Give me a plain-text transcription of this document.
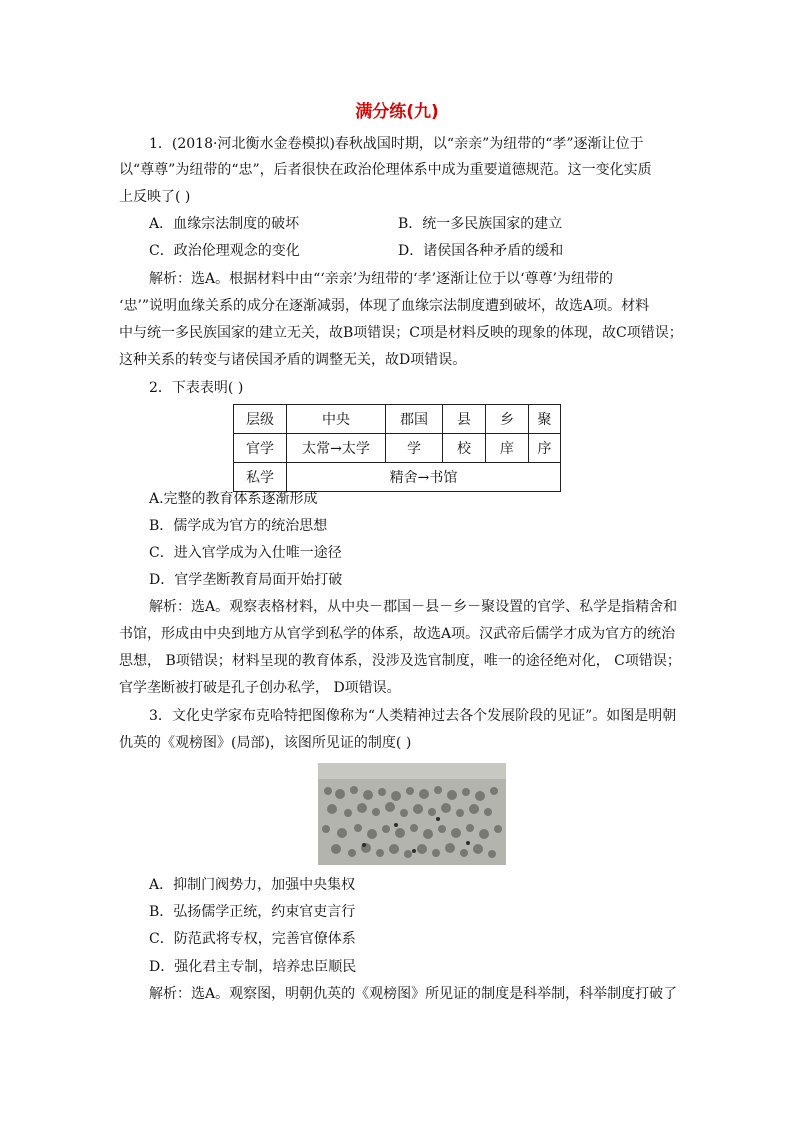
满分练(九)
1．(2018·河北衡水金卷模拟)春秋战国时期，以“亲亲”为纽带的“孝”逐渐让位于
以“尊尊”为纽带的“忠”，后者很快在政治伦理体系中成为重要道德规范。这一变化实质
上反映了( )
A．血缘宗法制度的破坏	B．统一多民族国家的建立
C．政治伦理观念的变化	D．诸侯国各种矛盾的缓和
解析：选A。根据材料中由“‘亲亲’为纽带的‘孝’逐渐让位于以‘尊尊’为纽带的
‘忠’”说明血缘关系的成分在逐渐减弱，体现了血缘宗法制度遭到破坏，故选A项。材料
中与统一多民族国家的建立无关，故B项错误；C项是材料反映的现象的体现，故C项错误；
这种关系的转变与诸侯国矛盾的调整无关，故D项错误。
2．下表表明( )
层级	中央	郡国	县	乡	聚
官学	太常→太学	学	校	庠	序
私学	精舍→书馆				
A.完整的教育体系逐渐形成
B．儒学成为官方的统治思想
C．进入官学成为入仕唯一途径
D．官学垄断教育局面开始打破
解析：选A。观察表格材料，从中央－郡国－县－乡－聚设置的官学、私学是指精舍和
书馆，形成由中央到地方从官学到私学的体系，故选A项。汉武帝后儒学才成为官方的统治
思想， B项错误；材料呈现的教育体系，没涉及选官制度，唯一的途径绝对化， C项错误；
官学垄断被打破是孔子创办私学， D项错误。
3．文化史学家布克哈特把图像称为“人类精神过去各个发展阶段的见证”。如图是明朝
仇英的《观榜图》(局部)，该图所见证的制度( )
A．抑制门阀势力，加强中央集权
B．弘扬儒学正统，约束官吏言行
C．防范武将专权，完善官僚体系
D．强化君主专制，培养忠臣顺民
解析：选A。观察图，明朝仇英的《观榜图》所见证的制度是科举制，科举制度打破了
